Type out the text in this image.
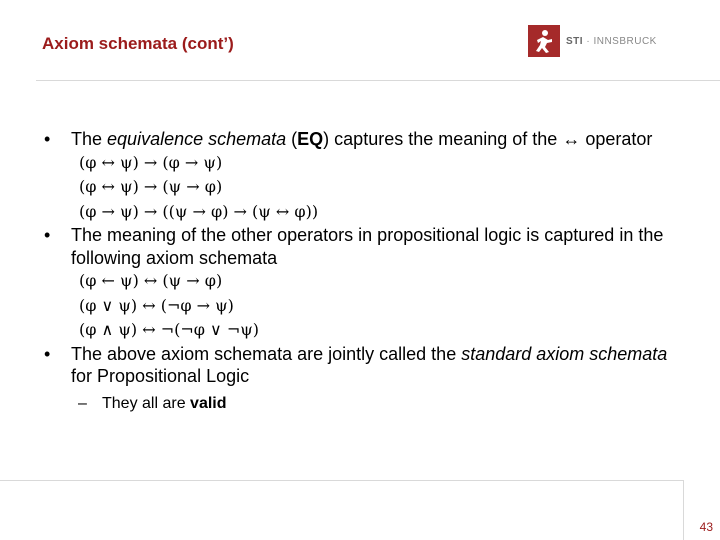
Axiom schemata (cont’)	STI · INNSBRUCK
• The equivalence schemata (EQ) captures the meaning of the ↔ operator
(φ ↔ ψ) → (φ → ψ)
(φ ↔ ψ) → (ψ → φ)
(φ → ψ) → ((ψ → φ) → (ψ ↔ φ))
• The meaning of the other operators in propositional logic is captured in the following axiom schemata
(φ ← ψ) ↔ (ψ → φ)
(φ ∨ ψ) ↔ (¬φ → ψ)
(φ ∧ ψ) ↔ ¬(¬φ ∨ ¬ψ)
• The above axiom schemata are jointly called the standard axiom schemata for Propositional Logic
– They all are valid
43
